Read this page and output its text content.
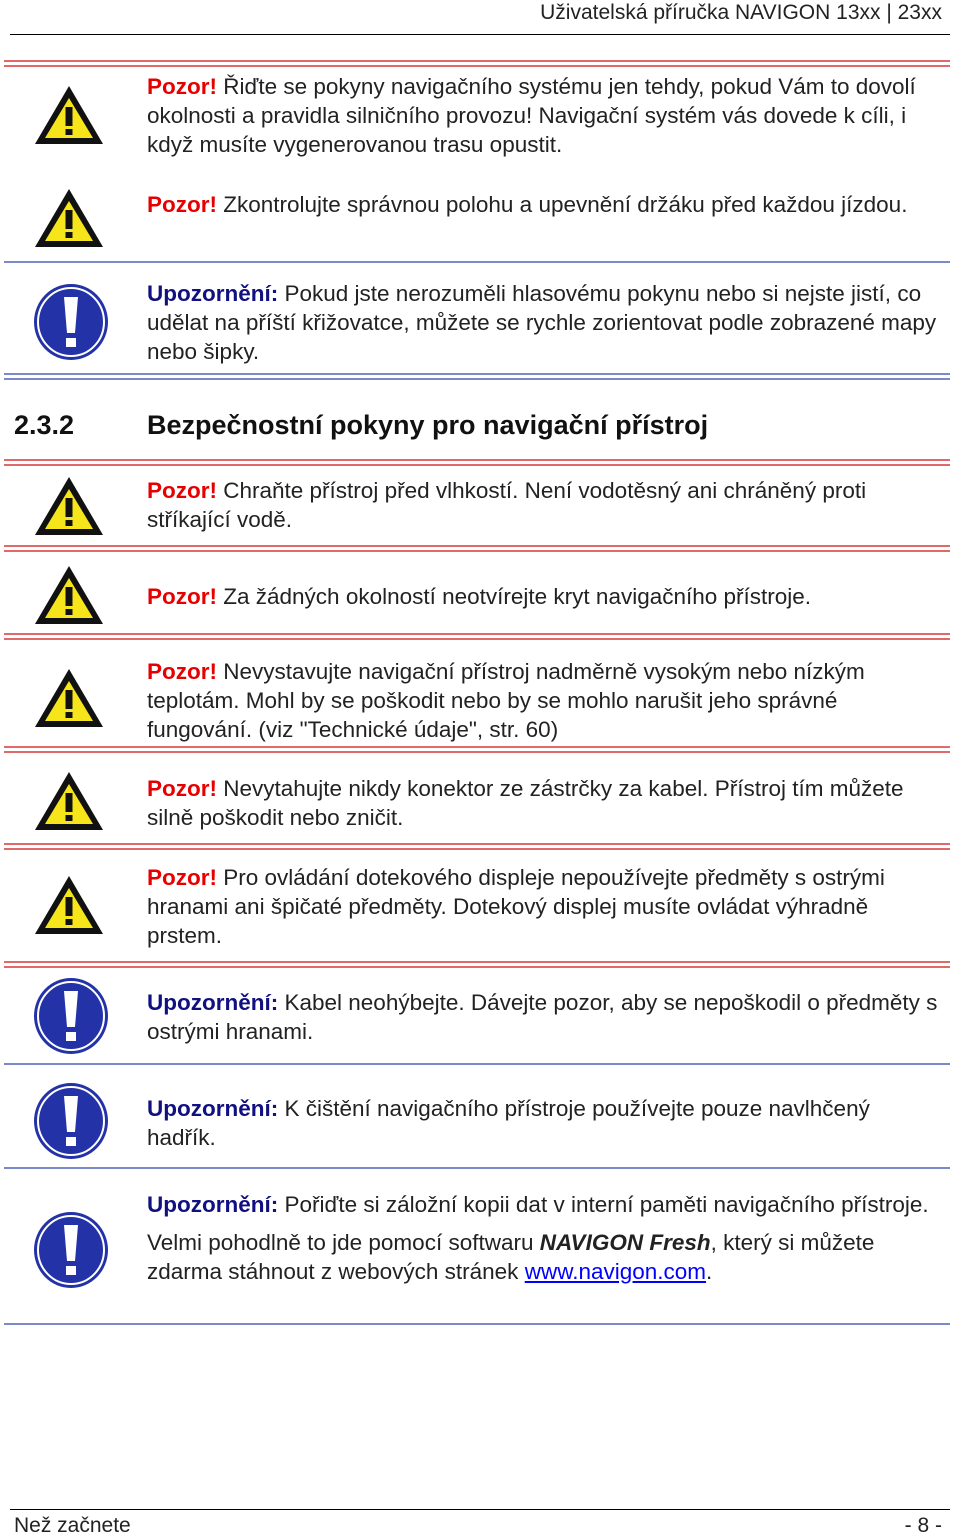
Uživatelská příručka NAVIGON 13xx | 23xx

Pozor! Řiďte se pokyny navigačního systému jen tehdy, pokud Vám to dovolí okolnosti a pravidla silničního provozu! Navigační systém vás dovede k cíli, i když musíte vygenerovanou trasu opustit.

Pozor! Zkontrolujte správnou polohu a upevnění držáku před každou jízdou.

Upozornění: Pokud jste nerozuměli hlasovému pokynu nebo si nejste jistí, co udělat na příští křižovatce, můžete se rychle zorientovat podle zobrazené mapy nebo šipky.

2.3.2	Bezpečnostní pokyny pro navigační přístroj

Pozor! Chraňte přístroj před vlhkostí. Není vodotěsný ani chráněný proti stříkající vodě.

Pozor! Za žádných okolností neotvírejte kryt navigačního přístroje.

Pozor! Nevystavujte navigační přístroj nadměrně vysokým nebo nízkým teplotám. Mohl by se poškodit nebo by se mohlo narušit jeho správné fungování. (viz "Technické údaje", str. 60)

Pozor! Nevytahujte nikdy konektor ze zástrčky za kabel. Přístroj tím můžete silně poškodit nebo zničit.

Pozor! Pro ovládání dotekového displeje nepoužívejte předměty s ostrými hranami ani špičaté předměty. Dotekový displej musíte ovládat výhradně prstem.

Upozornění: Kabel neohýbejte. Dávejte pozor, aby se nepoškodil o předměty s ostrými hranami.

Upozornění: K čištění navigačního přístroje používejte pouze navlhčený hadřík.

Upozornění: Pořiďte si záložní kopii dat v interní paměti navigačního přístroje.

Velmi pohodlně to jde pomocí softwaru NAVIGON Fresh, který si můžete zdarma stáhnout z webových stránek www.navigon.com.

Než začnete	- 8 -
